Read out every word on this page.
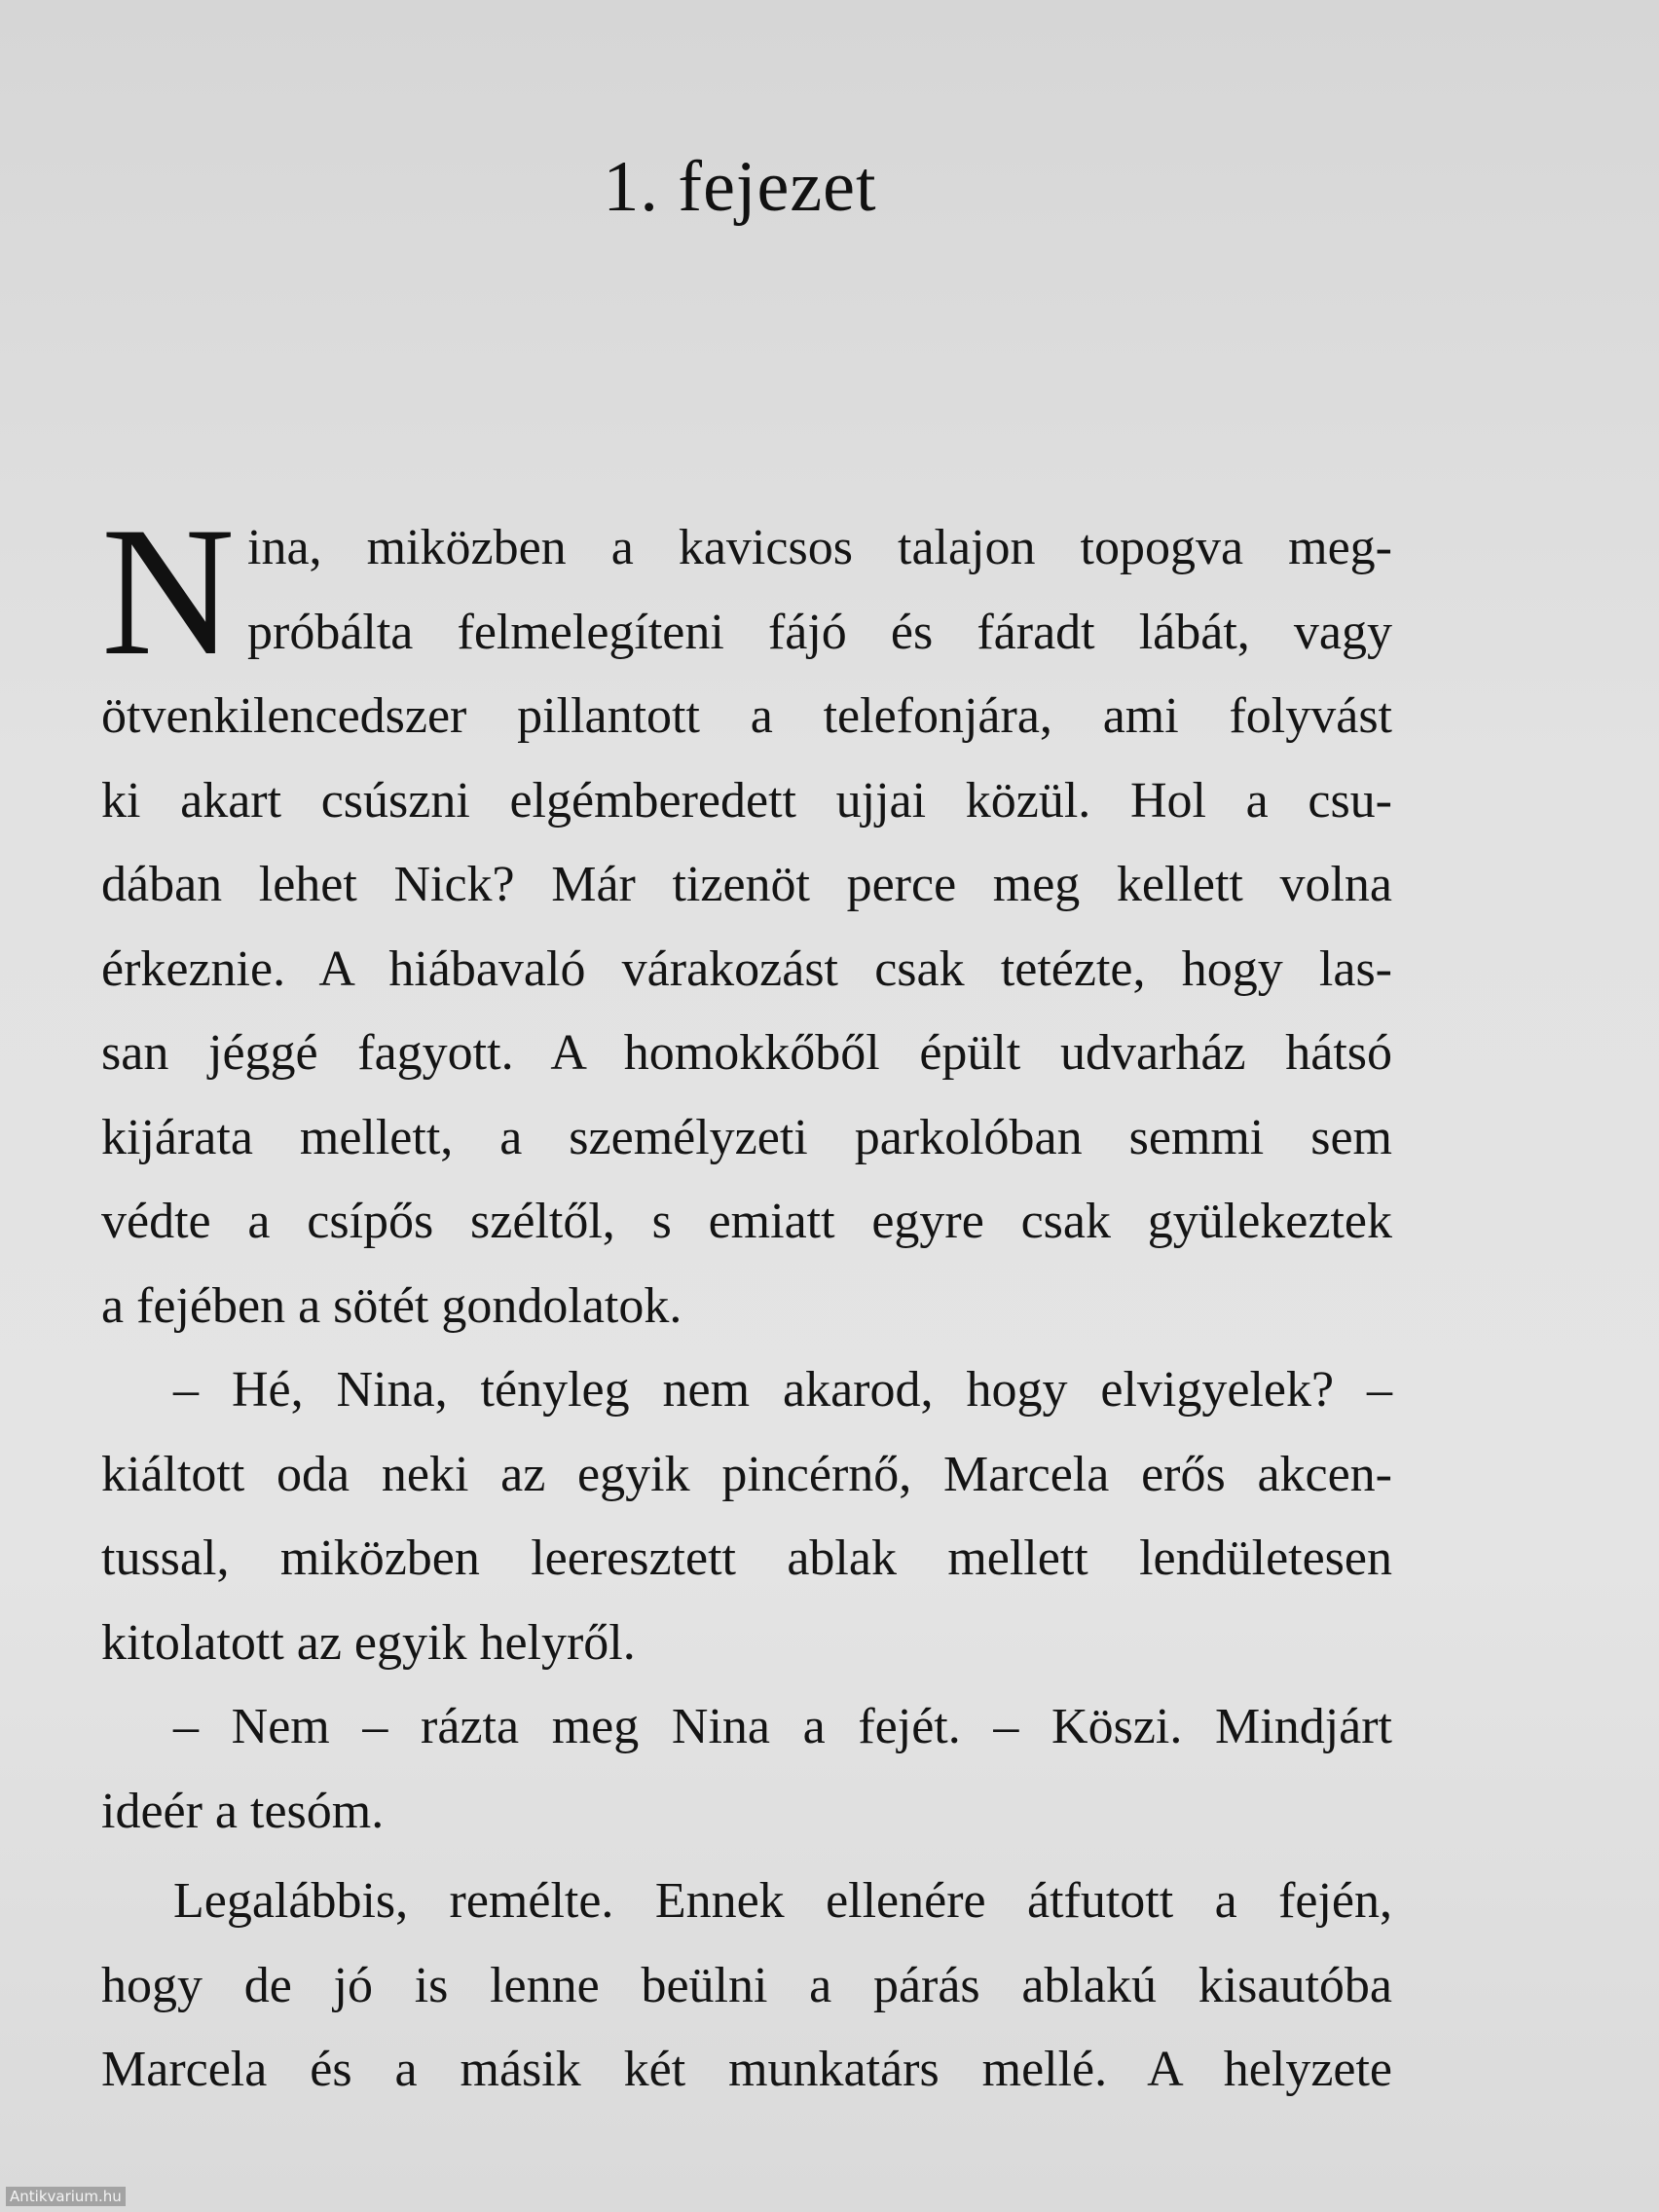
1. fejezet
N ina, miközben a kavicsos talajon topogva meg-
próbálta felmelegíteni fájó és fáradt lábát, vagy
ötvenkilencedszer pillantott a telefonjára, ami folyvást
ki akart csúszni elgémberedett ujjai közül. Hol a csu-
dában lehet Nick? Már tizenöt perce meg kellett volna
érkeznie. A hiábavaló várakozást csak tetézte, hogy las-
san jéggé fagyott. A homokkőből épült udvarház hátsó
kijárata mellett, a személyzeti parkolóban semmi sem
védte a csípős széltől, s emiatt egyre csak gyülekeztek
a fejében a sötét gondolatok.
– Hé, Nina, tényleg nem akarod, hogy elvigyelek? –
kiáltott oda neki az egyik pincérnő, Marcela erős akcen-
tussal, miközben leeresztett ablak mellett lendületesen
kitolatott az egyik helyről.
– Nem – rázta meg Nina a fejét. – Köszi. Mindjárt
ideér a tesóm.
Legalábbis, remélte. Ennek ellenére átfutott a fején,
hogy de jó is lenne beülni a párás ablakú kisautóba
Marcela és a másik két munkatárs mellé. A helyzete
Antikvarium.hu
